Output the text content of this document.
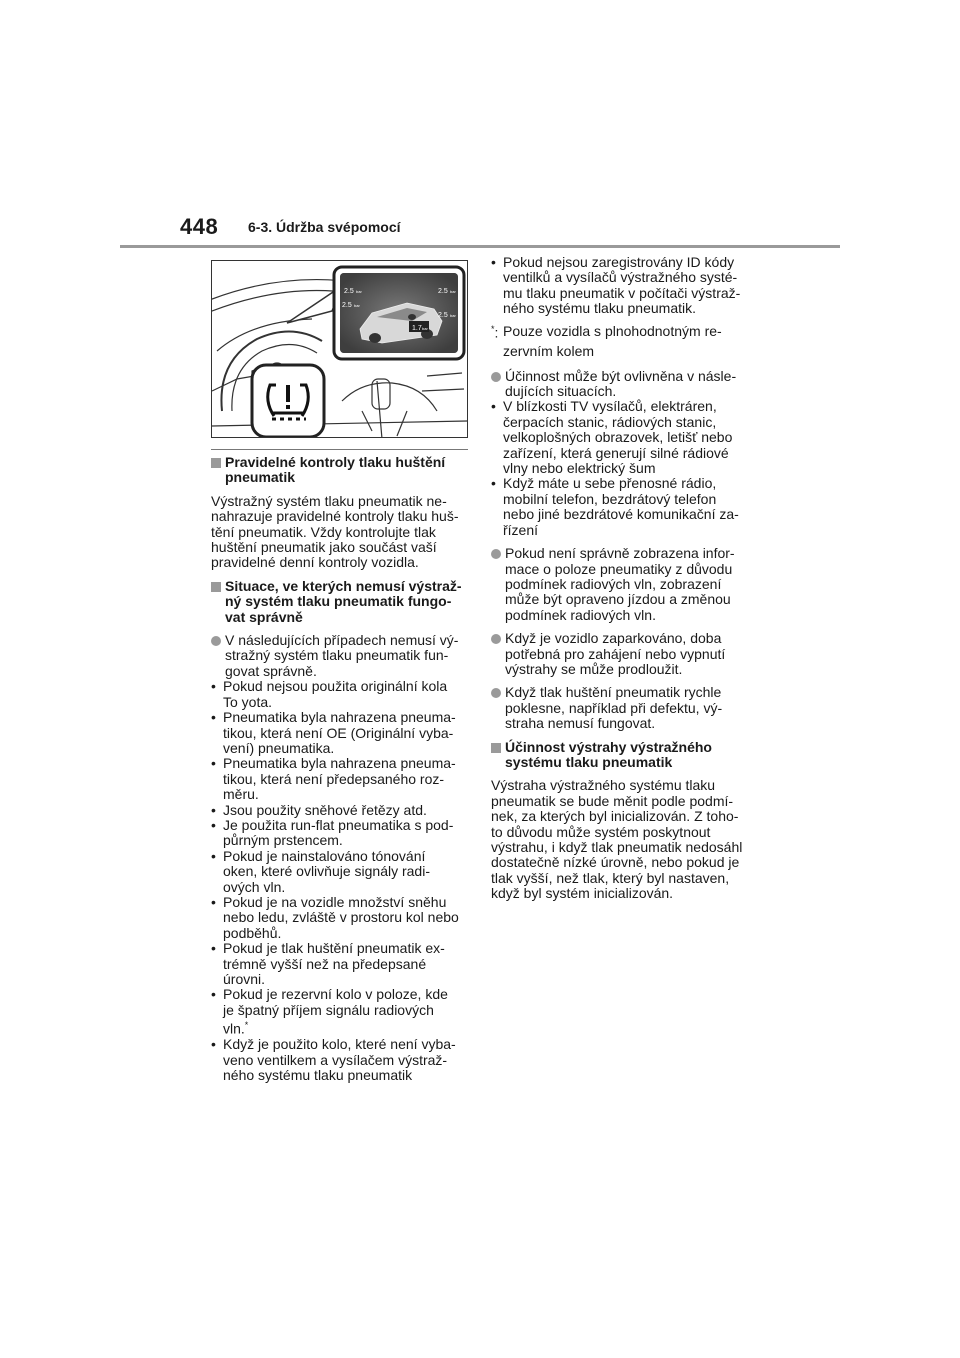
448 6-3. Údržba svépomocí
2.5 bar	2.5 bar
2.5 bar
2.5 bar
1.7 bar
Pravidelné kontroly tlaku huštění
pneumatik
Výstražný systém tlaku pneumatik ne-
nahrazuje pravidelné kontroly tlaku huš-
tění pneumatik. Vždy kontrolujte tlak
huštění pneumatik jako součást vaší
pravidelné denní kontroly vozidla.
Situace, ve kterých nemusí výstraž-
ný systém tlaku pneumatik fungo-
vat správně
V následujících případech nemusí vý-
stražný systém tlaku pneumatik fun-
govat správně.
• Pokud nejsou použita originální kola
To yota.
• Pneumatika byla nahrazena pneuma-
tikou, která není OE (Originální vyba-
vení) pneumatika.
• Pneumatika byla nahrazena pneuma-
tikou, která není předepsaného roz-
měru.
• Jsou použity sněhové řetězy atd.
• Je použita run-flat pneumatika s pod-
půrným prstencem.
• Pokud je nainstalováno tónování
oken, které ovlivňuje signály radi-
ových vln.
• Pokud je na vozidle množství sněhu
nebo ledu, zvláště v prostoru kol nebo
podběhů.
• Pokud je tlak huštění pneumatik ex-
trémně vyšší než na předepsané
úrovni.
• Pokud je rezervní kolo v poloze, kde
je špatný příjem signálu radiových
vln.*
• Když je použito kolo, které není vyba-
veno ventilkem a vysílačem výstraž-
ného systému tlaku pneumatik
• Pokud nejsou zaregistrovány ID kódy
ventilků a vysílačů výstražného systé-
mu tlaku pneumatik v počítači výstraž-
ného systému tlaku pneumatik.
*: Pouze vozidla s plnohodnotným re-
zervním kolem
Účinnost může být ovlivněna v násle-
dujících situacích.
• V blízkosti TV vysílačů, elektráren,
čerpacích stanic, rádiových stanic,
velkoplošných obrazovek, letišť nebo
zařízení, která generují silné rádiové
vlny nebo elektrický šum
• Když máte u sebe přenosné rádio,
mobilní telefon, bezdrátový telefon
nebo jiné bezdrátové komunikační za-
řízení
Pokud není správně zobrazena infor-
mace o poloze pneumatiky z důvodu
podmínek radiových vln, zobrazení
může být opraveno jízdou a změnou
podmínek radiových vln.
Když je vozidlo zaparkováno, doba
potřebná pro zahájení nebo vypnutí
výstrahy se může prodloužit.
Když tlak huštění pneumatik rychle
poklesne, například při defektu, vý-
straha nemusí fungovat.
Účinnost výstrahy výstražného
systému tlaku pneumatik
Výstraha výstražného systému tlaku
pneumatik se bude měnit podle podmí-
nek, za kterých byl inicializován. Z toho-
to důvodu může systém poskytnout
výstrahu, i když tlak pneumatik nedosáhl
dostatečně nízké úrovně, nebo pokud je
tlak vyšší, než tlak, který byl nastaven,
když byl systém inicializován.
